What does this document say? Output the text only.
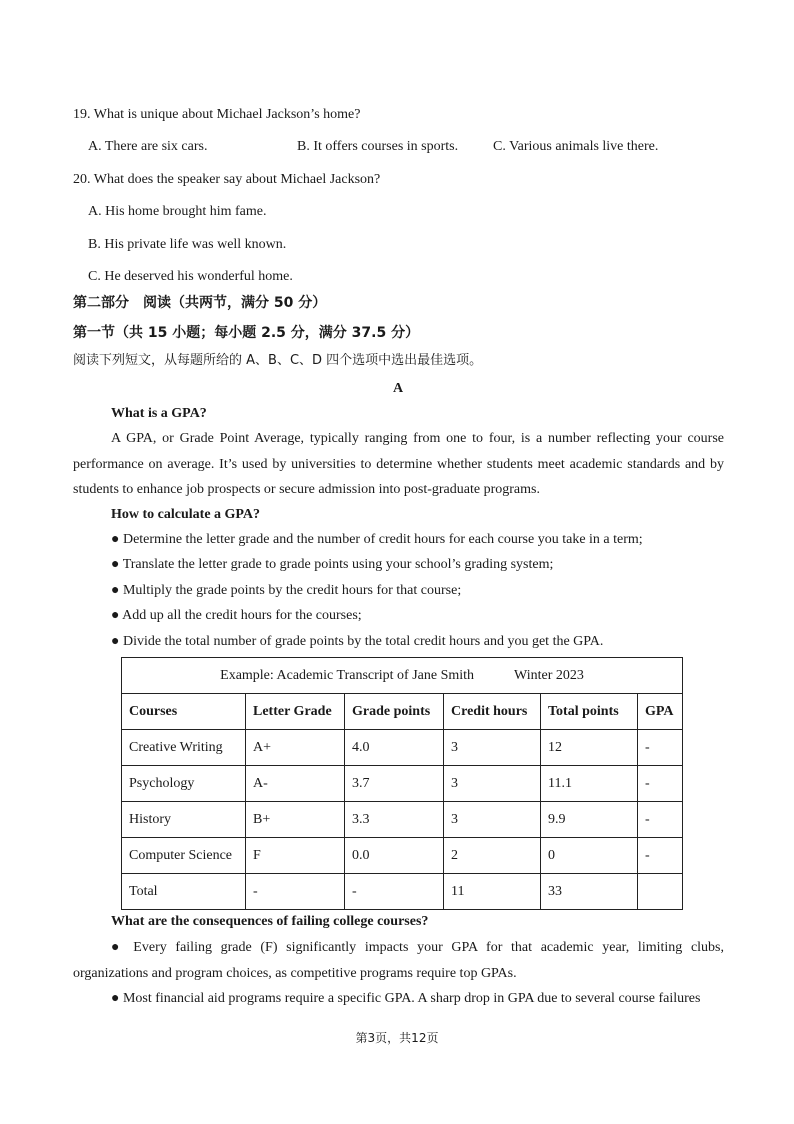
19. What is unique about Michael Jackson’s home?
A. There are six cars.	B. It offers courses in sports. C. Various animals live there.
20. What does the speaker say about Michael Jackson?
A. His home brought him fame.
B. His private life was well known.
C. He deserved his wonderful home.
第二部分　阅读（共两节，满分 50 分）
第一节（共 15 小题；每小题 2.5 分，满分 37.5 分）
阅读下列短文，从每题所给的 A、B、C、D 四个选项中选出最佳选项。
A
What is a GPA?

A GPA, or Grade Point Average, typically ranging from one to four, is a number reflecting your course performance on average. It’s used by universities to determine whether students meet academic standards and by students to enhance job prospects or secure admission into post-graduate programs.

How to calculate a GPA?
● Determine the letter grade and the number of credit hours for each course you take in a term;
● Translate the letter grade to grade points using your school’s grading system;
● Multiply the grade points by the credit hours for that course;
● Add up all the credit hours for the courses;
● Divide the total number of grade points by the total credit hours and you get the GPA.
Example: Academic Transcript of Jane Smith Winter 2023					
Courses	Letter Grade	Grade points	Credit hours	Total points	GPA
Creative Writing	A+	4.0	3	12	-
Psychology	A-	3.7	3	11.1	-
History	B+	3.3	3	9.9	-
Computer Science	F	0.0	2	0	-
Total	-	-	11	33	
What are the consequences of failing college courses?

● Every failing grade (F) significantly impacts your GPA for that academic year, limiting clubs, organizations and program choices, as competitive programs require top GPAs.

● Most financial aid programs require a specific GPA. A sharp drop in GPA due to several course failures

第3页，共12页
